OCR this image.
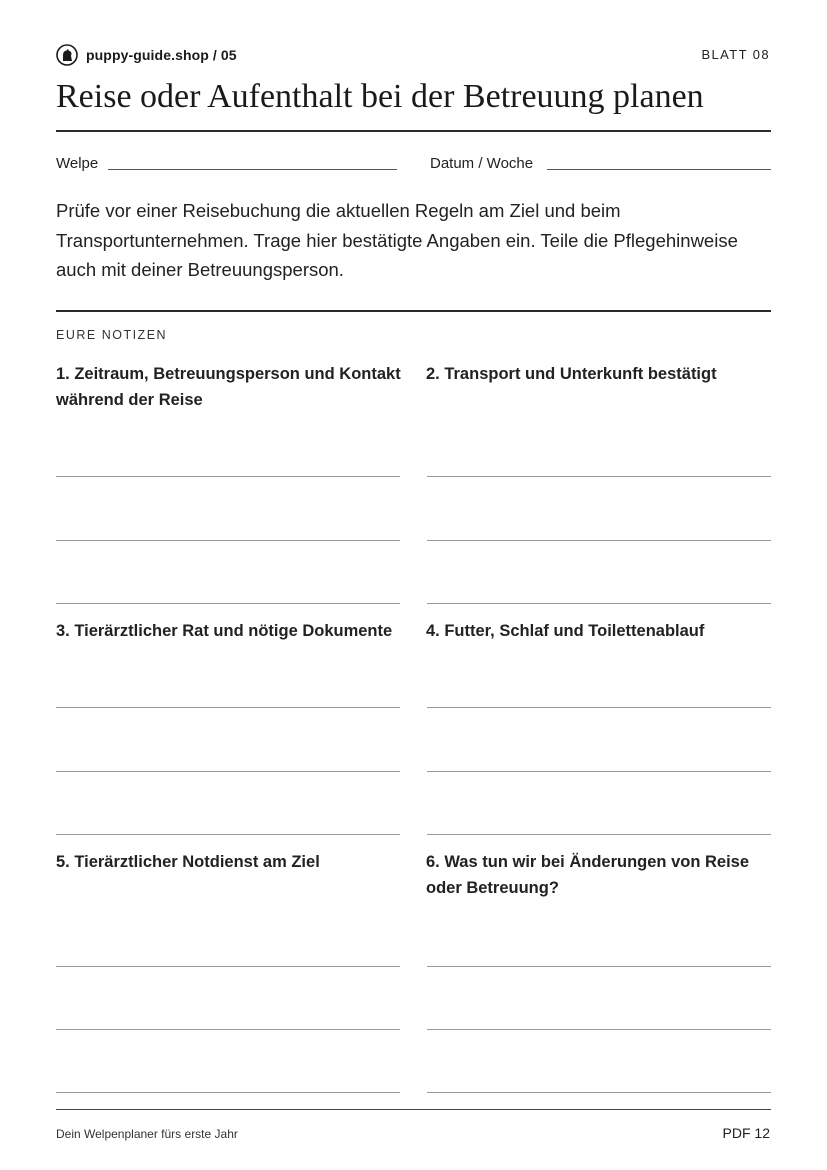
puppy-guide.shop / 05	BLATT 08
Reise oder Aufenthalt bei der Betreuung planen
Welpe	Datum / Woche
Prüfe vor einer Reisebuchung die aktuellen Regeln am Ziel und beim Transportunternehmen. Trage hier bestätigte Angaben ein. Teile die Pflegehinweise auch mit deiner Betreuungsperson.
EURE NOTIZEN
1. Zeitraum, Betreuungsperson und Kontakt während der Reise
2. Transport und Unterkunft bestätigt
3. Tierärztlicher Rat und nötige Dokumente	4. Futter, Schlaf und Toilettenablauf
5. Tierärztlicher Notdienst am Ziel	6. Was tun wir bei Änderungen von Reise oder Betreuung?
Dein Welpenplaner fürs erste Jahr	PDF 12
